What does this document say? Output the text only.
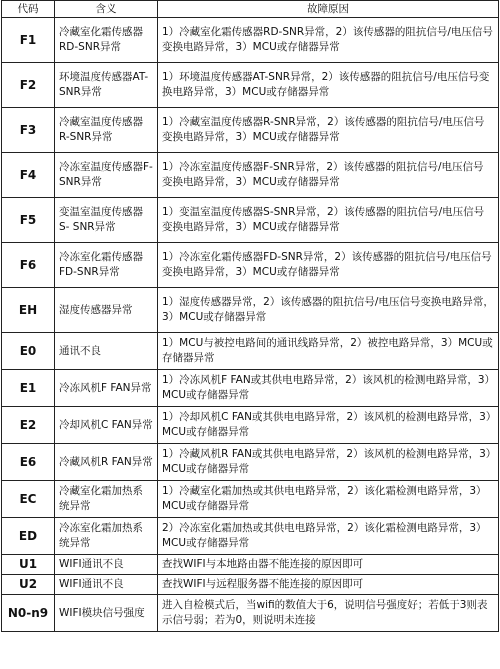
代码	含义	故障原因
F1	冷藏室化霜传感器RD-SNR异常	1）冷藏室化霜传感器RD-SNR异常，2）该传感器的阻抗信号/电压信号变换电路异常，3）MCU或存储器异常
F2	环境温度传感器AT-SNR异常	1）环境温度传感器AT-SNR异常，2）该传感器的阻抗信号/电压信号变换电路异常，3）MCU或存储器异常
F3	冷藏室温度传感器R-SNR异常	1）冷藏室温度传感器R-SNR异常，2）该传感器的阻抗信号/电压信号变换电路异常，3）MCU或存储器异常
F4	冷冻室温度传感器F-SNR异常	1）冷冻室温度传感器F-SNR异常，2）该传感器的阻抗信号/电压信号变换电路异常，3）MCU或存储器异常
F5	变温室温度传感器S- SNR异常	1）变温室温度传感器S-SNR异常，2）该传感器的阻抗信号/电压信号变换电路异常，3）MCU或存储器异常
F6	冷冻室化霜传感器FD-SNR异常	1）冷冻室化霜传感器FD-SNR异常，2）该传感器的阻抗信号/电压信号变换电路异常，3）MCU或存储器异常
EH	湿度传感器异常	1）湿度传感器异常，2）该传感器的阻抗信号/电压信号变换电路异常，3）MCU或存储器异常
E0	通讯不良	1）MCU与被控电路间的通讯线路异常，2）被控电路异常，3）MCU或存储器异常
E1	冷冻风机F FAN异常	1）冷冻风机F FAN或其供电电路异常，2）该风机的检测电路异常，3）MCU或存储器异常
E2	冷却风机C FAN异常	1）冷却风机C FAN或其供电电路异常，2）该风机的检测电路异常，3）MCU或存储器异常
E6	冷藏风机R FAN异常	1）冷藏风机R FAN或其供电电路异常，2）该风机的检测电路异常，3）MCU或存储器异常
EC	冷藏室化霜加热系统异常	1）冷藏室化霜加热或其供电电路异常，2）该化霜检测电路异常，3）MCU或存储器异常
ED	冷冻室化霜加热系统异常	2）冷冻室化霜加热或其供电电路异常，2）该化霜检测电路异常，3）MCU或存储器异常
U1	WIFI通讯不良	查找WIFI与本地路由器不能连接的原因即可
U2	WIFI通讯不良	查找WIFI与远程服务器不能连接的原因即可
N0-n9	WIFI模块信号强度	进入自检模式后，当wifi的数值大于6，说明信号强度好；若低于3则表示信号弱；若为0，则说明未连接
